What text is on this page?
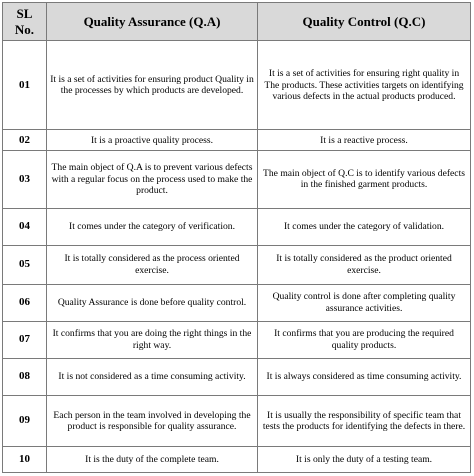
SL No.	Quality Assurance (Q.A)	Quality Control (Q.C)
01	It is a set of activities for ensuring product Quality in the processes by which products are developed.	It is a set of activities for ensuring right quality in The products. These activities targets on identifying various defects in the actual products produced.
02	It is a proactive quality process.	It is a reactive process.
03	The main object of Q.A is to prevent various defects with a regular focus on the process used to make the product.	The main object of Q.C is to identify various defects in the finished garment products.
04	It comes under the category of verification.	It comes under the category of validation.
05	It is totally considered as the process oriented exercise.	It is totally considered as the product oriented exercise.
06	Quality Assurance is done before quality control.	Quality control is done after completing quality assurance activities.
07	It confirms that you are doing the right things in the right way.	It confirms that you are producing the required quality products.
08	It is not considered as a time consuming activity.	It is always considered as time consuming activity.
09	Each person in the team involved in developing the product is responsible for quality assurance.	It is usually the responsibility of specific team that tests the products for identifying the defects in there.
10	It is the duty of the complete team.	It is only the duty of a testing team.
